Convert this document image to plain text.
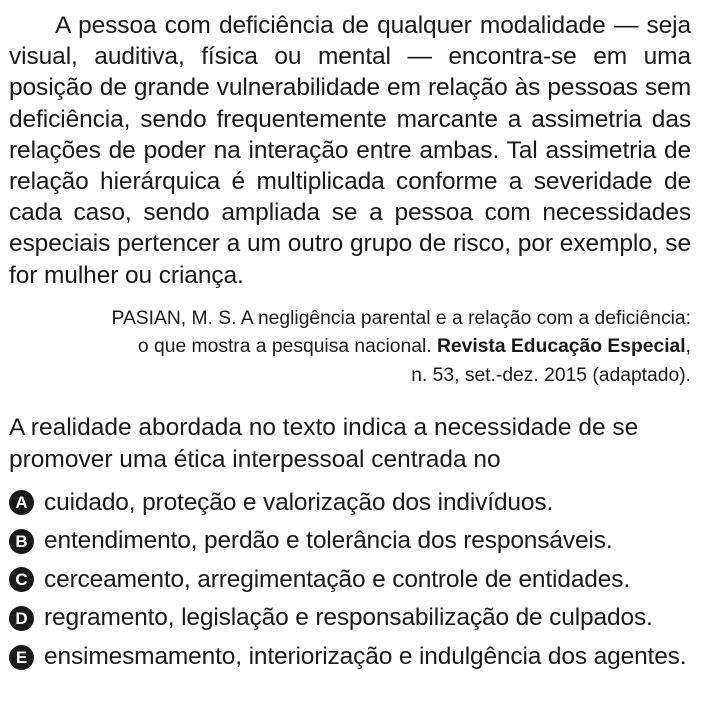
A pessoa com deficiência de qualquer modalidade — seja visual, auditiva, física ou mental — encontra-se em uma posição de grande vulnerabilidade em relação às pessoas sem deficiência, sendo frequentemente marcante a assimetria das relações de poder na interação entre ambas. Tal assimetria de relação hierárquica é multiplicada conforme a severidade de cada caso, sendo ampliada se a pessoa com necessidades especiais pertencer a um outro grupo de risco, por exemplo, se for mulher ou criança.

PASIAN, M. S. A negligência parental e a relação com a deficiência:
o que mostra a pesquisa nacional. Revista Educação Especial,
n. 53, set.-dez. 2015 (adaptado).

A realidade abordada no texto indica a necessidade de se promover uma ética interpessoal centrada no

A cuidado, proteção e valorização dos indivíduos.
B entendimento, perdão e tolerância dos responsáveis.
C cerceamento, arregimentação e controle de entidades.
D regramento, legislação e responsabilização de culpados.
E ensimesmamento, interiorização e indulgência dos agentes.
